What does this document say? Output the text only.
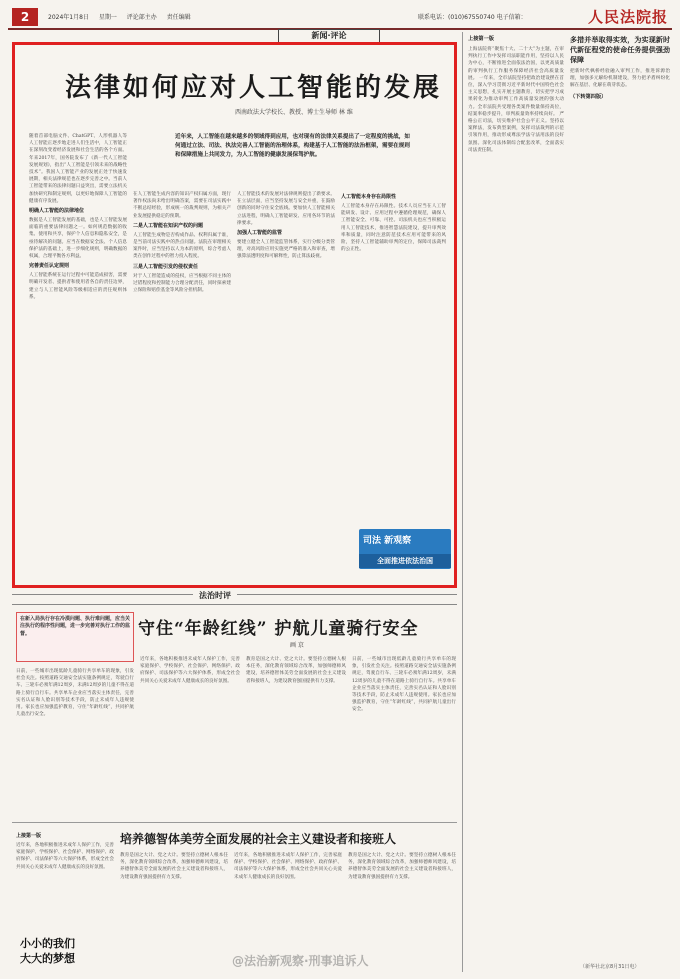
2	2024年1月8日 星期一 评论部主办 责任编辑	联系电话：(010)67550740 电子信箱：	人民法院报
新闻·评论
法律如何应对人工智能的发展
西南政法大学校长、教授、博士生导师 林 维
近年来，人工智能在越来越多的领域得到应用，也对现有的法律关系提出了一定程度的挑战，如何通过立法、司法、执法完善人工智能的治理体系，构建基于人工智能的法治框架，需要在规则和保障措施上共同发力，为人工智能的健康发展保驾护航。
随着首部电脑文件、ChatGPT、人形机器人等人工智能正逐步地走进人们生活中，人工智能正在深刻改变着经济发展和社会生活的各个方面。年来2017年，国务院发布了《新一代人工智能发展规划》，指出“人工智能是引领未来的战略性技术”。我国人工智能产业的发展正处于快速发展期，相关法律规范也在逐步完善之中。当前人工智能带来的法律问题日益突出，需要立法机关加快研究和制定规则，以更好地保障人工智能的健康有序发展。
明确人工智能的法律地位
数据是人工智能发展的基础，也是人工智能发展面临的重要法律问题之一。如何规范数据的收集、使用和共享，保护个人信息和隐私安全，是亟待解决的问题。应当在数据安全法、个人信息保护法的基础上，进一步细化规则，明确数据的权属，合理平衡各方利益。
完善责任认定规则
人工智能系统在运行过程中可能造成损害，需要明确开发者、提供者和使用者各自的责任边界，建立与人工智能风险等级相适应的责任规则体系。
在人工智能生成内容的知识产权归属方面，现行著作权法尚未给出明确答案，需要在司法实践中不断总结经验，形成统一的裁判规则，为相关产业发展提供稳定的预期。
二是人工智能在知识产权的问题
人工智能生成物是否构成作品、权利归属于谁，是当前司法实践中的热点问题。法院在审理相关案件时，应当坚持以人为本的原则，综合考虑人类在创作过程中的智力投入程度。
三是人工智能引发的侵权责任
对于人工智能造成的侵权，应当根据不同主体的过错程度和控制能力合理分配责任，同时探索建立保险和赔偿基金等风险分担机制。
人工智能技术的发展对法律规则提出了新要求。在立法层面，应当坚持发展与安全并重，在鼓励创新的同时守住安全底线。要加快人工智能相关立法进程，明确人工智能研发、应用各环节的法律要求。
加强人工智能的监管
要建立健全人工智能监管体系，实行分级分类管理，对高风险应用实施更严格的准入和审查，增强算法透明度和可解释性，防止算法歧视。
人工智能本身存在局限性
人工智能本身存在局限性。技术人员应当在人工智能研发、设计、应用过程中遵循伦理规范，确保人工智能安全、可靠、可控。司法机关也应当积极运用人工智能技术，推进智慧法院建设，提升审判效率和质量，同时注意防范技术应用可能带来的风险，坚持人工智能辅助审判的定位，保障司法裁判的公正性。
司法 新观察
全面推进依法治国
上接第一版
上海法院将“聚焦十大、二十大”为主题，在审判执行工作中发挥司法职能作用，坚持以人民为中心，不断推进全面依法治国，以更高质量的审判执行工作服务保障经济社会高质量发展。 一年来，全市法院坚持把政治建设摆在首位，深入学习贯彻习近平新时代中国特色社会主义思想，扎实开展主题教育，切实把学习成果转化为推动审判工作高质量发展的强大动力。全市法院共受理各类案件数量保持高位，结案率稳步提升，审判质量效率持续向好。 严格公正司法，切实维护社会公平正义。坚持以案释法，发布典型案例，发挥司法裁判的示范引领作用，推动形成尊法学法守法用法的良好氛围。深化司法体制综合配套改革，全面落实司法责任制。
多措并举取得实效，为实现新时代新征程党的使命任务提供强劲保障
把新时代枫桥经验融入审判工作，推进诉源治理，加强多元解纷机制建设，努力把矛盾纠纷化解在基层、化解在萌芽状态。
（下转第四版）
（新华社北京8月31日电）
法治时评
在新入局执行存在冷漠问题、执行难问题，应当关注执行的程序性问题，进一步完善对执行工作的监督。	守住“年龄红线” 护航儿童骑行安全
画 京
日前，一些城市出现低龄儿童骑行共享单车的现象，引发社会关注。按照道路交通安全法实施条例规定，驾驶自行车、三轮车必须年满12周岁，未满12周岁的儿童不得在道路上骑行自行车。共享单车企业应当落实主体责任，完善实名认证和人脸识别等技术手段，防止未成年人违规使用。家长也应加强监护教育，守住“年龄红线”，共同护航儿童出行安全。
近年来，各地积极推进未成年人保护工作，完善家庭保护、学校保护、社会保护、网络保护、政府保护、司法保护等六大保护体系，形成全社会共同关心关爱未成年人健康成长的良好氛围。
教育是国之大计、党之大计。要坚持立德树人根本任务，深化教育领域综合改革，加强师德师风建设，培养德智体美劳全面发展的社会主义建设者和接班人，为建设教育强国提供有力支撑。
日前，一些城市出现低龄儿童骑行共享单车的现象，引发社会关注。按照道路交通安全法实施条例规定，驾驶自行车、三轮车必须年满12周岁，未满12周岁的儿童不得在道路上骑行自行车。共享单车企业应当落实主体责任，完善实名认证和人脸识别等技术手段，防止未成年人违规使用。家长也应加强监护教育，守住“年龄红线”，共同护航儿童出行安全。
上接第一版
近年来，各地积极推进未成年人保护工作，完善家庭保护、学校保护、社会保护、网络保护、政府保护、司法保护等六大保护体系，形成全社会共同关心关爱未成年人健康成长的良好氛围。
小小的我们
大大的梦想
培养德智体美劳全面发展的社会主义建设者和接班人
教育是国之大计、党之大计。要坚持立德树人根本任务，深化教育领域综合改革，加强师德师风建设，培养德智体美劳全面发展的社会主义建设者和接班人，为建设教育强国提供有力支撑。
近年来，各地积极推进未成年人保护工作，完善家庭保护、学校保护、社会保护、网络保护、政府保护、司法保护等六大保护体系，形成全社会共同关心关爱未成年人健康成长的良好氛围。
教育是国之大计、党之大计。要坚持立德树人根本任务，深化教育领域综合改革，加强师德师风建设，培养德智体美劳全面发展的社会主义建设者和接班人，为建设教育强国提供有力支撑。
@法治新观察·刑事追诉人
